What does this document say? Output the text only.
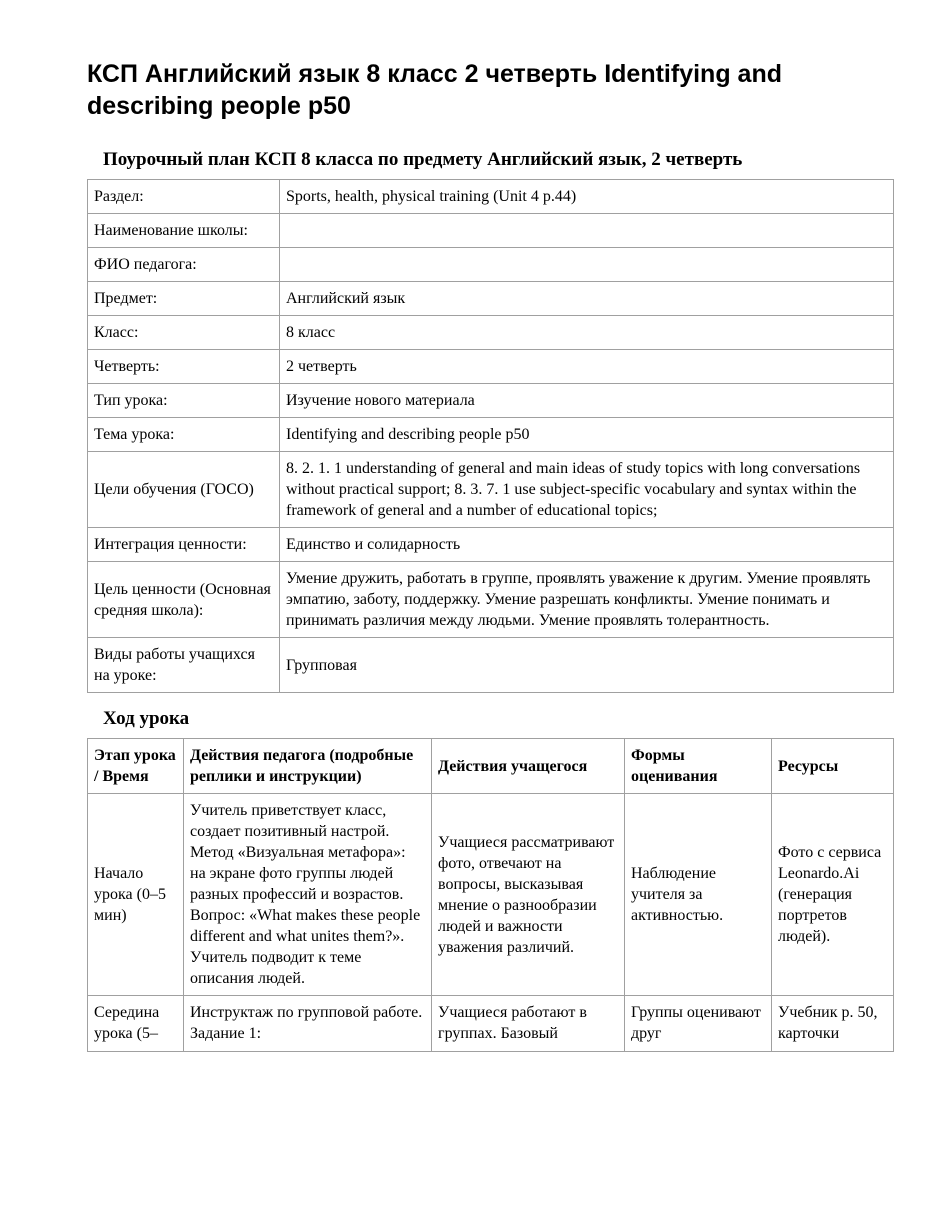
КСП Английский язык 8 класс 2 четверть Identifying and describing people p50
Поурочный план КСП 8 класса по предмету Английский язык, 2 четверть
Раздел:	Sports, health, physical training (Unit 4 p.44)
Наименование школы:	
ФИО педагога:	
Предмет:	Английский язык
Класс:	8 класс
Четверть:	2 четверть
Тип урока:	Изучение нового материала
Тема урока:	Identifying and describing people p50
Цели обучения (ГОСО)	8. 2. 1. 1 understanding of general and main ideas of study topics with long conversations without practical support; 8. 3. 7. 1 use subject-specific vocabulary and syntax within the framework of general and a number of educational topics;
Интеграция ценности:	Единство и солидарность
Цель ценности (Основная средняя школа):	Умение дружить, работать в группе, проявлять уважение к другим. Умение проявлять эмпатию, заботу, поддержку. Умение разрешать конфликты. Умение понимать и принимать различия между людьми. Умение проявлять толерантность.
Виды работы учащихся на уроке:	Групповая
Ход урока
Этап урока / Время	Действия педагога (подробные реплики и инструкции)	Действия учащегося	Формы оценивания	Ресурсы
Начало урока (0–5 мин)	Учитель приветствует класс, создает позитивный настрой. Метод «Визуальная метафора»: на экране фото группы людей разных профессий и возрастов. Вопрос: «What makes these people different and what unites them?». Учитель подводит к теме описания людей.	Учащиеся рассматривают фото, отвечают на вопросы, высказывая мнение о разнообразии людей и важности уважения различий.	Наблюдение учителя за активностью.	Фото с сервиса Leonardo.Ai (генерация портретов людей).

Середина урока (5–	Инструктаж по групповой работе. Задание 1:	Учащиеся работают в группах. Базовый	Группы оценивают друг	Учебник p. 50, карточки
